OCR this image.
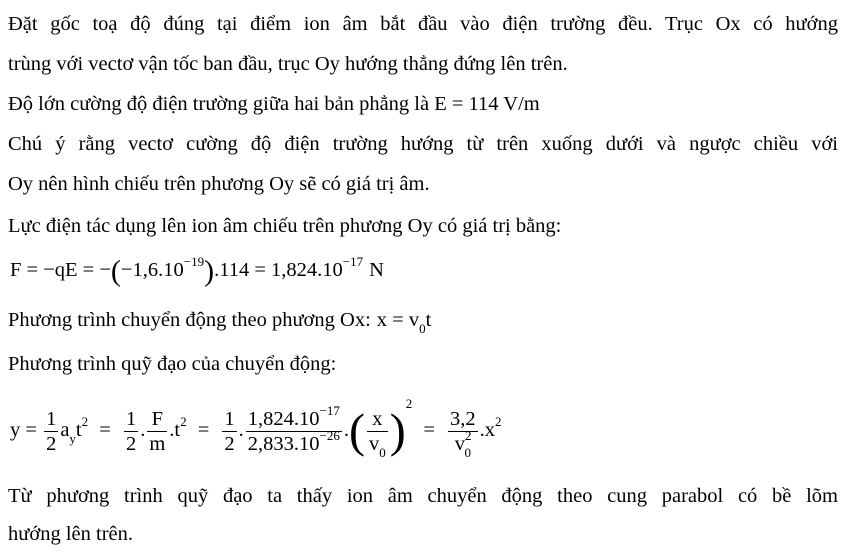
Đặt gốc toạ độ đúng tại điểm ion âm bắt đầu vào điện trường đều. Trục Ox có hướng
trùng với vectơ vận tốc ban đầu, trục Oy hướng thẳng đứng lên trên.
Độ lớn cường độ điện trường giữa hai bản phẳng là E = 114 V/m
Chú ý rằng vectơ cường độ điện trường hướng từ trên xuống dưới và ngược chiều với
Oy nên hình chiếu trên phương Oy sẽ có giá trị âm.
Lực điện tác dụng lên ion âm chiếu trên phương Oy có giá trị bằng:
$F = -qE = -(-1,6.10^{-19}).114 = 1,824.10^{-17}$ N
Phương trình chuyển động theo phương Ox: $x = v_0t$
Phương trình quỹ đạo của chuyển động:
$y = \frac{1}{2} a_yt^2 = \frac{1}{2}$ . $\frac{F}{m} .t^2 = \frac{1}{2}$ . $\frac{1,824.10^{-17}}{2,833.10^{-26}}$ .( $\frac{x}{v_0} )^2 = \frac{3,2}{v^2_0} .x^2$
Từ phương trình quỹ đạo ta thấy ion âm chuyển động theo cung parabol có bề lõm
hướng lên trên.
